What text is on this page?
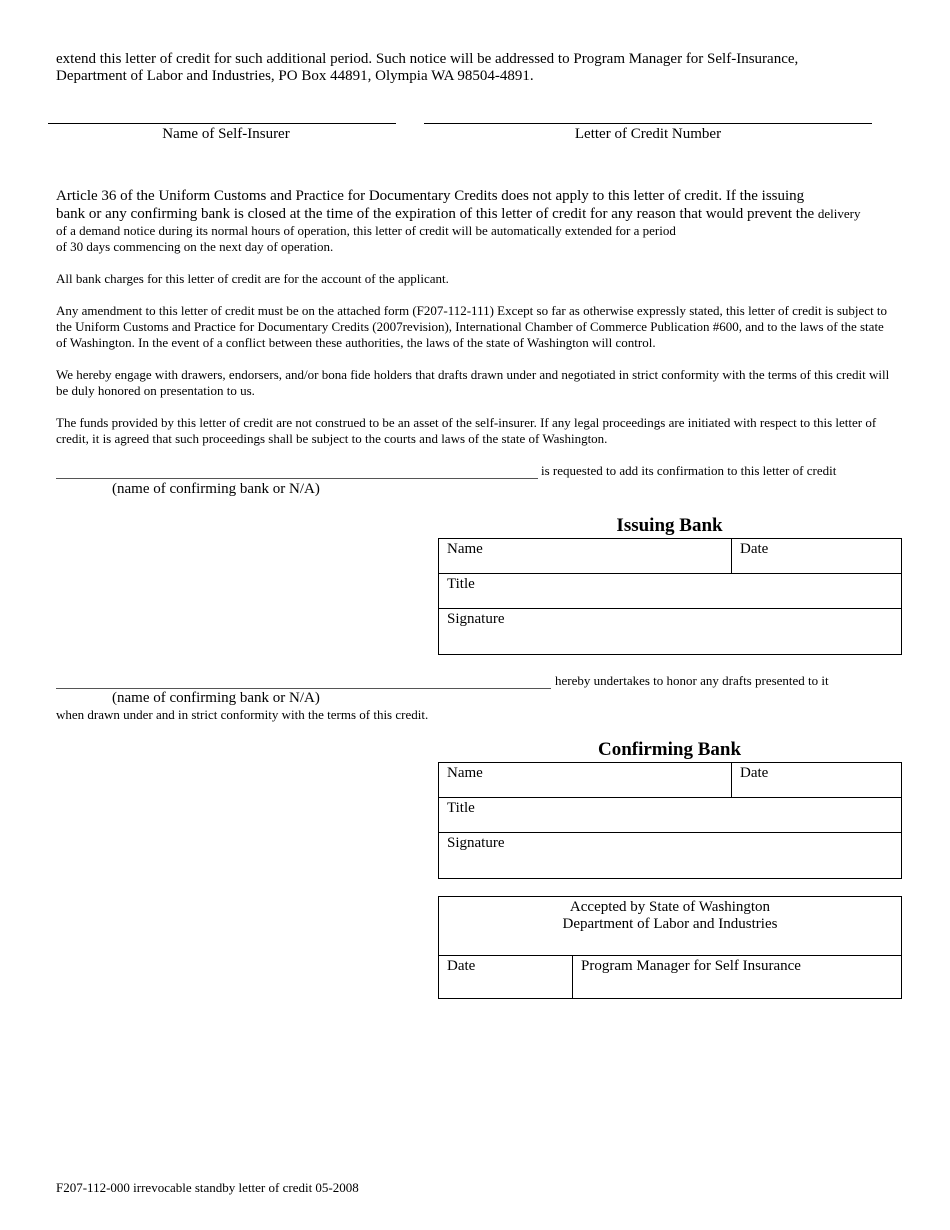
extend this letter of credit for such additional period. Such notice will be addressed to Program Manager for Self-Insurance,
Department of Labor and Industries, PO Box 44891, Olympia WA 98504-4891.
Name of Self-Insurer	Letter of Credit Number
Article 36 of the Uniform Customs and Practice for Documentary Credits does not apply to this letter of credit. If the issuing
bank or any confirming bank is closed at the time of the expiration of this letter of credit for any reason that would prevent the delivery
of a demand notice during its normal hours of operation, this letter of credit will be automatically extended for a period
of 30 days commencing on the next day of operation.
All bank charges for this letter of credit are for the account of the applicant.
Any amendment to this letter of credit must be on the attached form (F207-112-111) Except so far as otherwise expressly stated, this letter of credit is subject to the Uniform Customs and Practice for Documentary Credits (2007revision), International Chamber of Commerce Publication #600, and to the laws of the state of Washington. In the event of a conflict between these authorities, the laws of the state of Washington will control.
We hereby engage with drawers, endorsers, and/or bona fide holders that drafts drawn under and negotiated in strict conformity with the terms of this credit will be duly honored on presentation to us.
The funds provided by this letter of credit are not construed to be an asset of the self-insurer. If any legal proceedings are initiated with respect to this letter of credit, it is agreed that such proceedings shall be subject to the courts and laws of the state of Washington.
is requested to add its confirmation to this letter of credit
(name of confirming bank or N/A)
Issuing Bank
Name	Date
Title
Signature
hereby undertakes to honor any drafts presented to it
(name of confirming bank or N/A)
when drawn under and in strict conformity with the terms of this credit.
Confirming Bank
Name	Date
Title
Signature
Accepted by State of Washington
Department of Labor and Industries

Date	Program Manager for Self Insurance
F207-112-000 irrevocable standby letter of credit 05-2008
